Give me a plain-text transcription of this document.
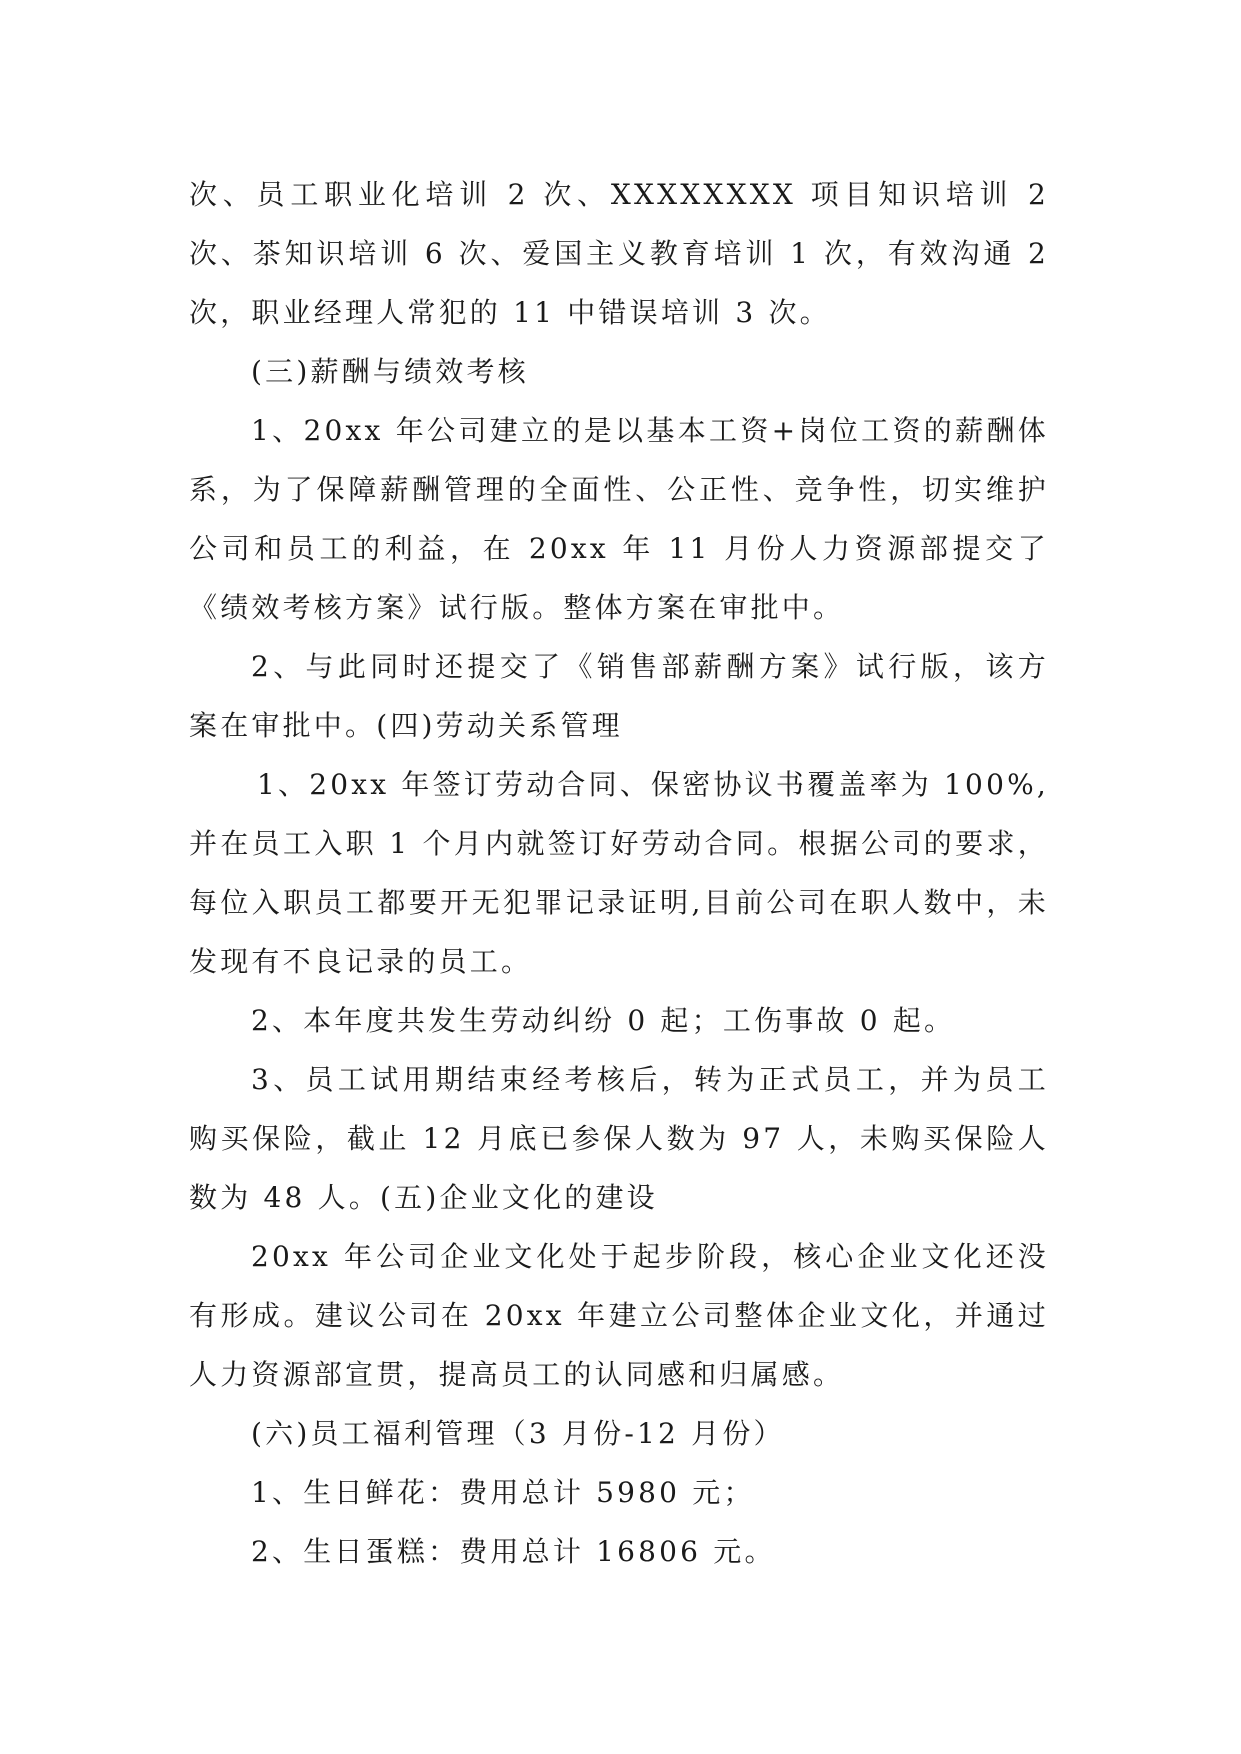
次、员工职业化培训 2 次、XXXXXXXX 项目知识培训 2 次、茶知识培训 6 次、爱国主义教育培训 1 次，有效沟通 2 次，职业经理人常犯的 11 中错误培训 3 次。

(三)薪酬与绩效考核

1、20xx 年公司建立的是以基本工资+岗位工资的薪酬体系，为了保障薪酬管理的全面性、公正性、竞争性，切实维护公司和员工的利益，在 20xx 年 11 月份人力资源部提交了《绩效考核方案》试行版。整体方案在审批中。

2、与此同时还提交了《销售部薪酬方案》试行版，该方案在审批中。(四)劳动关系管理

1、20xx 年签订劳动合同、保密协议书覆盖率为 100%,并在员工入职 1 个月内就签订好劳动合同。根据公司的要求，每位入职员工都要开无犯罪记录证明,目前公司在职人数中，未发现有不良记录的员工。

2、本年度共发生劳动纠纷 0 起；工伤事故 0 起。

3、员工试用期结束经考核后，转为正式员工，并为员工购买保险，截止 12 月底已参保人数为 97 人，未购买保险人数为 48 人。(五)企业文化的建设

20xx 年公司企业文化处于起步阶段，核心企业文化还没有形成。建议公司在 20xx 年建立公司整体企业文化，并通过人力资源部宣贯，提高员工的认同感和归属感。

(六)员工福利管理（3 月份-12 月份）

1、生日鲜花：费用总计 5980 元；

2、生日蛋糕：费用总计 16806 元。
